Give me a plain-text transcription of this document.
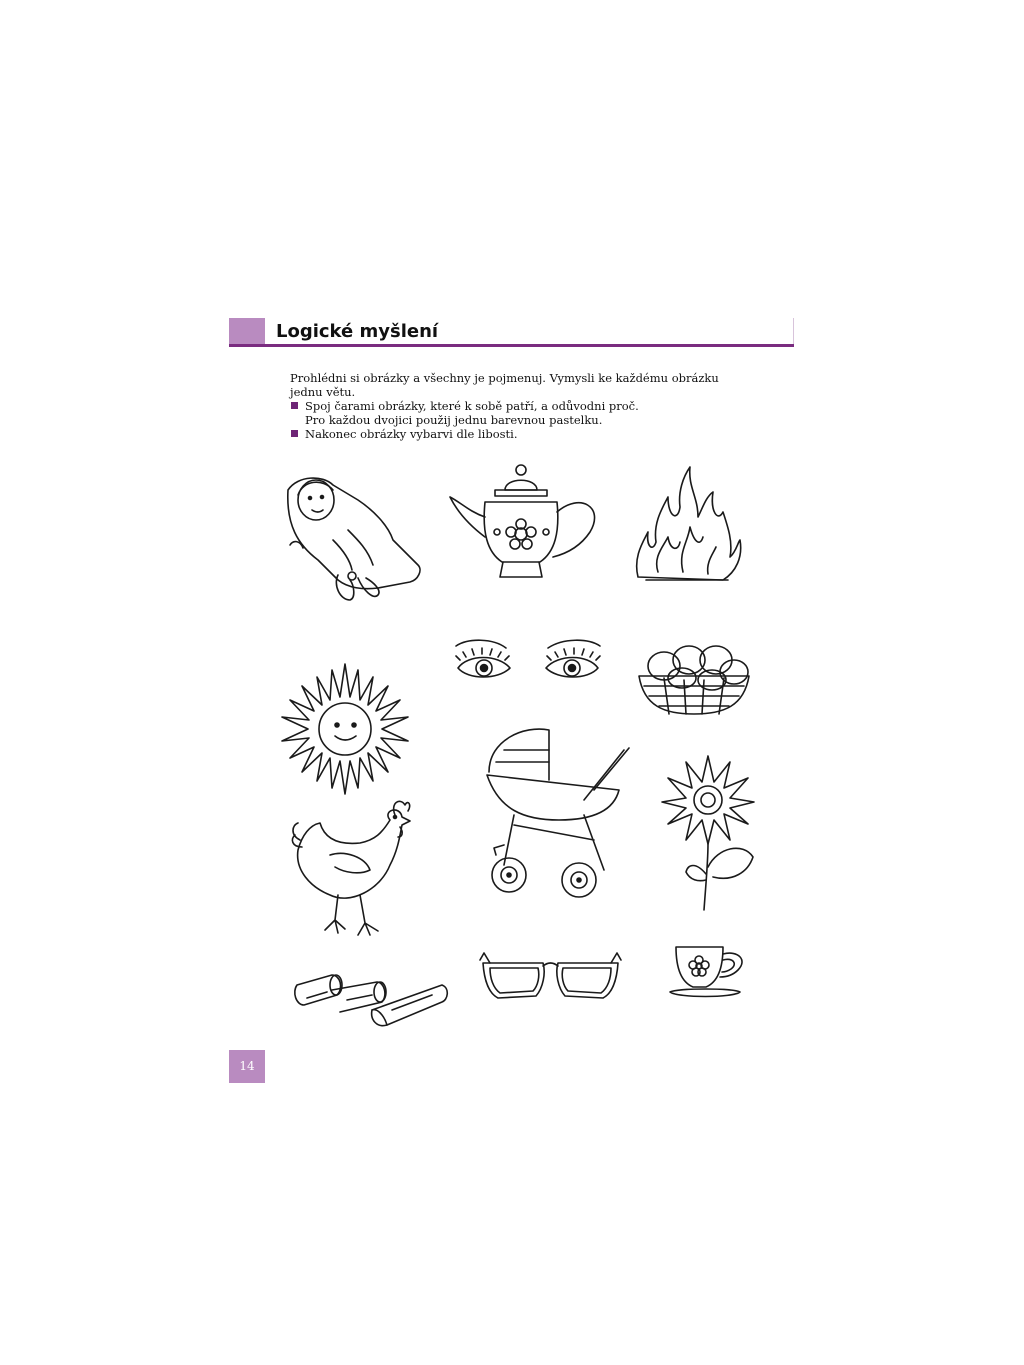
Logické myšlení

Prohlédni si obrázky a všechny je pojmenuj. Vymysli ke každému obrázku jednu větu.

Spoj čarami obrázky, které k sobě patří, a odůvodni proč.

Pro každou dvojici použij jednu barevnou pastelku.

Nakonec obrázky vybarvi dle libosti.

14
